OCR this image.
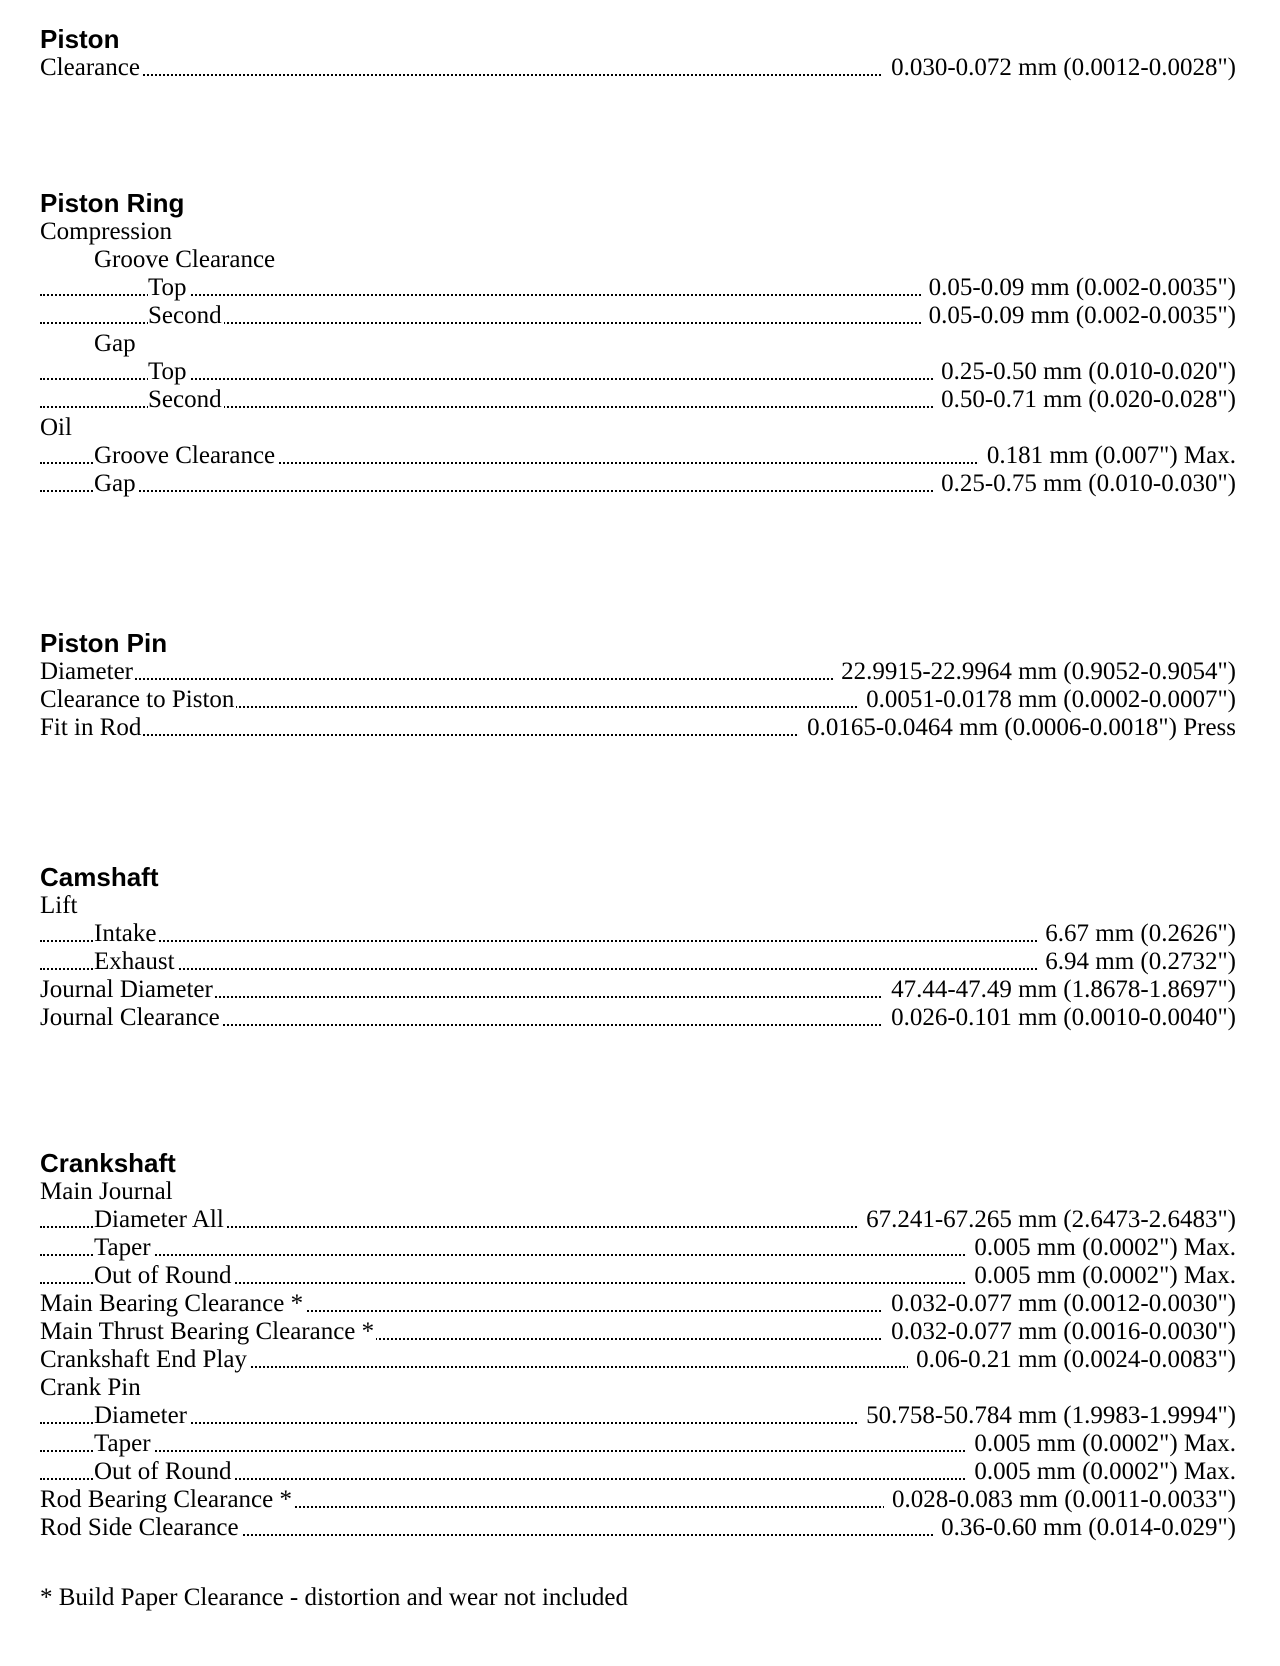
Piston
Clearance	0.030-0.072 mm (0.0012-0.0028")
Piston Ring
Compression
Groove Clearance
Top	0.05-0.09 mm (0.002-0.0035")
Second	0.05-0.09 mm (0.002-0.0035")
Gap
Top	0.25-0.50 mm (0.010-0.020")
Second	0.50-0.71 mm (0.020-0.028")
Oil
Groove Clearance	0.181 mm (0.007") Max.
Gap	0.25-0.75 mm (0.010-0.030")
Piston Pin
Diameter	22.9915-22.9964 mm (0.9052-0.9054")
Clearance to Piston	0.0051-0.0178 mm (0.0002-0.0007")
Fit in Rod	0.0165-0.0464 mm (0.0006-0.0018") Press
Camshaft
Lift
Intake	6.67 mm (0.2626")
Exhaust	6.94 mm (0.2732")
Journal Diameter	47.44-47.49 mm (1.8678-1.8697")
Journal Clearance	0.026-0.101 mm (0.0010-0.0040")
Crankshaft
Main Journal
Diameter All	67.241-67.265 mm (2.6473-2.6483")
Taper	0.005 mm (0.0002") Max.
Out of Round	0.005 mm (0.0002") Max.
Main Bearing Clearance *	0.032-0.077 mm (0.0012-0.0030")
Main Thrust Bearing Clearance *	0.032-0.077 mm (0.0016-0.0030")
Crankshaft End Play	0.06-0.21 mm (0.0024-0.0083")
Crank Pin
Diameter	50.758-50.784 mm (1.9983-1.9994")
Taper	0.005 mm (0.0002") Max.
Out of Round	0.005 mm (0.0002") Max.
Rod Bearing Clearance *	0.028-0.083 mm (0.0011-0.0033")
Rod Side Clearance	0.36-0.60 mm (0.014-0.029")
* Build Paper Clearance - distortion and wear not included
